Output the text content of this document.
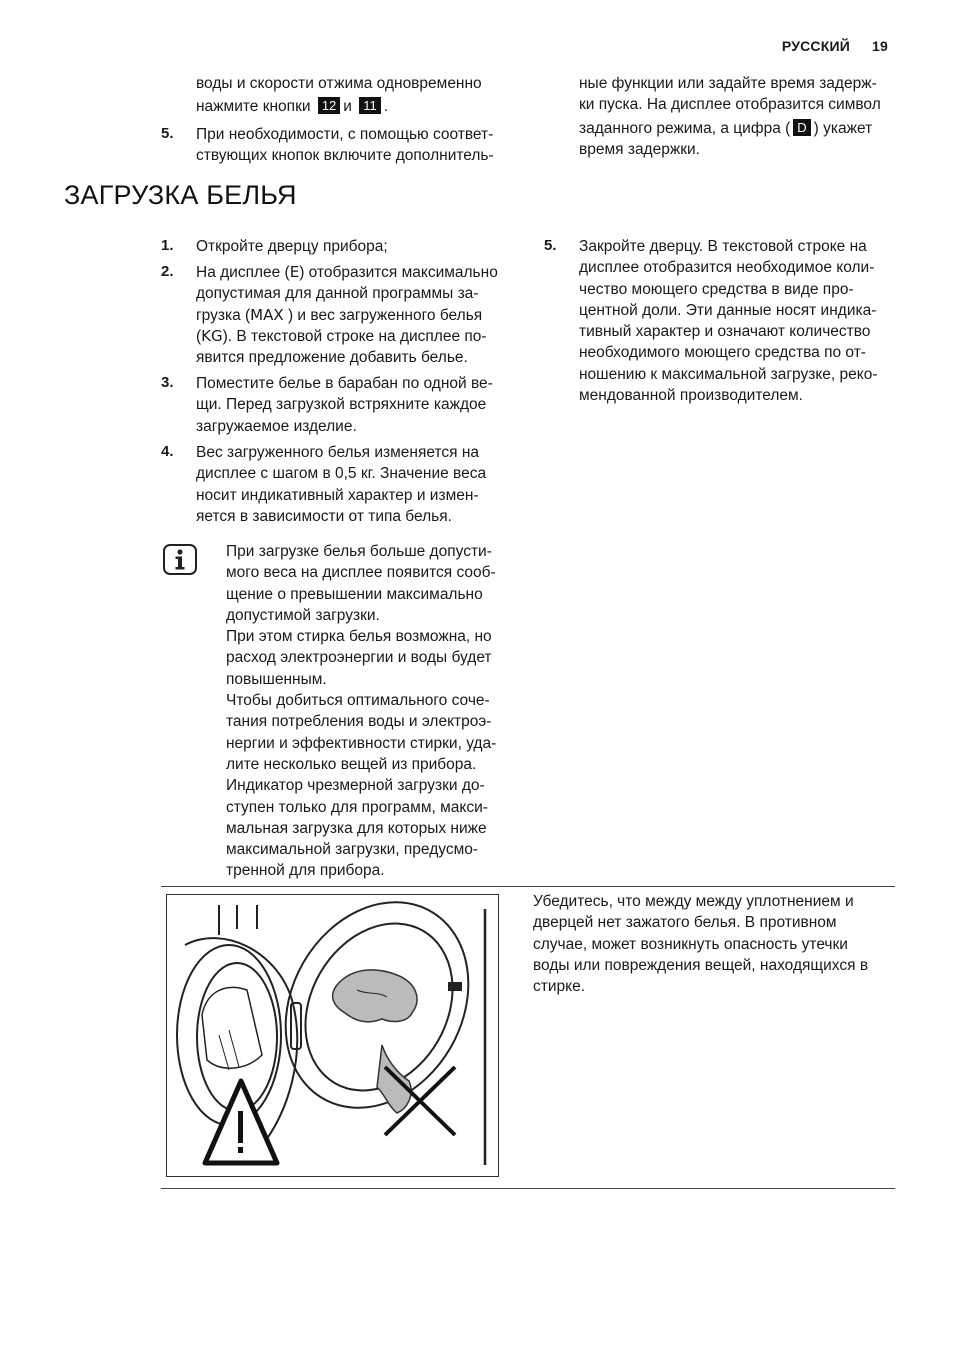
РУССКИЙ 19
воды и скорости отжима одновременно
нажмите кнопки 12 и 11 .
5. При необходимости, с помощью соответ-
ствующих кнопок включите дополнитель-
ные функции или задайте время задерж-
ки пуска. На дисплее отобразится символ
заданного режима, а цифра ( D ) укажет
время задержки.
ЗАГРУЗКА БЕЛЬЯ
1. Откройте дверцу прибора;
2. На дисплее (E) отобразится максимально
допустимая для данной программы за-
грузка (MAX ) и вес загруженного белья
(KG). В текстовой строке на дисплее по-
явится предложение добавить белье.
3. Поместите белье в барабан по одной ве-
щи. Перед загрузкой встряхните каждое
загружаемое изделие.
4. Вес загруженного белья изменяется на
дисплее с шагом в 0,5 кг. Значение веса
носит индикативный характер и измен-
яется в зависимости от типа белья.
При загрузке белья больше допусти-
мого веса на дисплее появится сооб-
щение о превышении максимально
допустимой загрузки.
При этом стирка белья возможна, но
расход электроэнергии и воды будет
повышенным.
Чтобы добиться оптимального соче-
тания потребления воды и электроэ-
нергии и эффективности стирки, уда-
лите несколько вещей из прибора.
Индикатор чрезмерной загрузки до-
ступен только для программ, макси-
мальная загрузка для которых ниже
максимальной загрузки, предусмо-
тренной для прибора.
5. Закройте дверцу. В текстовой строке на
дисплее отобразится необходимое коли-
чество моющего средства в виде про-
центной доли. Эти данные носят индика-
тивный характер и означают количество
необходимого моющего средства по от-
ношению к максимальной загрузке, реко-
мендованной производителем.
Убедитесь, что между между уплотнением и
дверцей нет зажатого белья. В противном
случае, может возникнуть опасность утечки
воды или повреждения вещей, находящихся в
стирке.
